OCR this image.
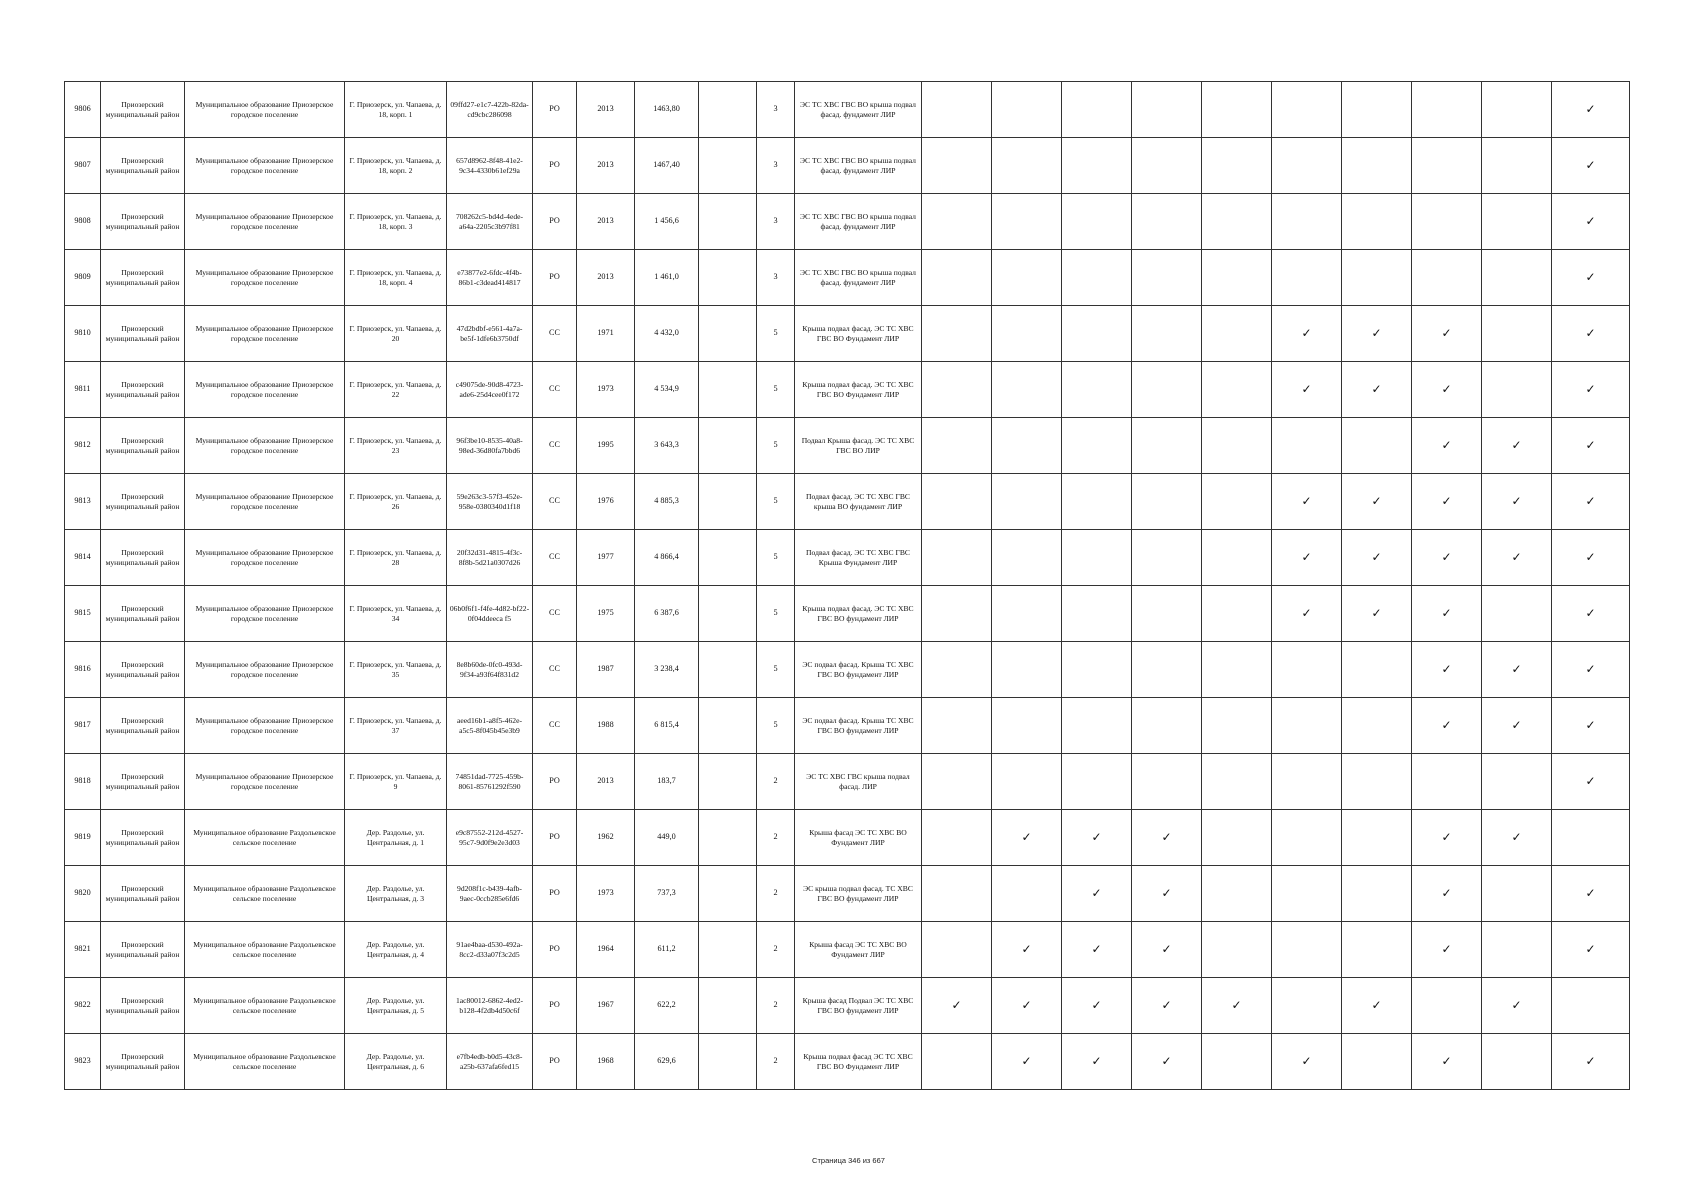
9806	Приозерский муниципальный район	Муниципальное образование Приозерское городское поселение	Г. Приозерск, ул. Чапаева, д. 18, корп. 1	09ffd27-e1c7-422b-82da-cd9cbc286098	РО	2013	1463,80		3	ЭС ТС ХВС ГВС ВО крыша подвал фасад. фундамент ЛИР										✓
9807	Приозерский муниципальный район	Муниципальное образование Приозерское городское поселение	Г. Приозерск, ул. Чапаева, д. 18, корп. 2	657d8962-8f48-41e2-9c34-4330b61ef29a	РО	2013	1467,40		3	ЭС ТС ХВС ГВС ВО крыша подвал фасад. фундамент ЛИР										✓
9808	Приозерский муниципальный район	Муниципальное образование Приозерское городское поселение	Г. Приозерск, ул. Чапаева, д. 18, корп. 3	708262c5-bd4d-4ede-a64a-2205c3b97f81	РО	2013	1 456,6		3	ЭС ТС ХВС ГВС ВО крыша подвал фасад. фундамент ЛИР										✓
9809	Приозерский муниципальный район	Муниципальное образование Приозерское городское поселение	Г. Приозерск, ул. Чапаева, д. 18, корп. 4	e73877e2-6fdc-4f4b-86b1-c3dead414817	РО	2013	1 461,0		3	ЭС ТС ХВС ГВС ВО крыша подвал фасад. фундамент ЛИР										✓
9810	Приозерский муниципальный район	Муниципальное образование Приозерское городское поселение	Г. Приозерск, ул. Чапаева, д. 20	47d2bdbf-e561-4a7a-be5f-1dfe6b3750df	СС	1971	4 432,0		5	Крыша подвал фасад. ЭС ТС ХВС ГВС ВО Фундамент ЛИР						✓	✓	✓		✓
9811	Приозерский муниципальный район	Муниципальное образование Приозерское городское поселение	Г. Приозерск, ул. Чапаева, д. 22	c49075de-90d8-4723-ade6-25d4cee0f172	СС	1973	4 534,9		5	Крыша подвал фасад. ЭС ТС ХВС ГВС ВО Фундамент ЛИР						✓	✓	✓		✓
9812	Приозерский муниципальный район	Муниципальное образование Приозерское городское поселение	Г. Приозерск, ул. Чапаева, д. 23	96f3be10-8535-40a8-98ed-36d80fa7bbd6	СС	1995	3 643,3		5	Подвал Крыша фасад. ЭС ТС ХВС ГВС ВО ЛИР								✓	✓	✓
9813	Приозерский муниципальный район	Муниципальное образование Приозерское городское поселение	Г. Приозерск, ул. Чапаева, д. 26	59e263c3-57f3-452e-958e-0380340d1f18	СС	1976	4 885,3		5	Подвал фасад. ЭС ТС ХВС ГВС крыша ВО фундамент ЛИР						✓	✓	✓	✓	✓
9814	Приозерский муниципальный район	Муниципальное образование Приозерское городское поселение	Г. Приозерск, ул. Чапаева, д. 28	20f32d31-4815-4f3c-8f8b-5d21a0307d26	СС	1977	4 866,4		5	Подвал фасад. ЭС ТС ХВС ГВС Крыша Фундамент ЛИР						✓	✓	✓	✓	✓
9815	Приозерский муниципальный район	Муниципальное образование Приозерское городское поселение	Г. Приозерск, ул. Чапаева, д. 34	06b0f6f1-f4fe-4d82-bf22-0f04ddeeca f5	СС	1975	6 387,6		5	Крыша подвал фасад. ЭС ТС ХВС ГВС ВО фундамент ЛИР						✓	✓	✓		✓
9816	Приозерский муниципальный район	Муниципальное образование Приозерское городское поселение	Г. Приозерск, ул. Чапаева, д. 35	8e8b60de-0fc0-493d-9f34-a93f64f831d2	СС	1987	3 238,4		5	ЭС подвал фасад. Крыша ТС ХВС ГВС ВО фундамент ЛИР								✓	✓	✓
9817	Приозерский муниципальный район	Муниципальное образование Приозерское городское поселение	Г. Приозерск, ул. Чапаева, д. 37	aeed16b1-a8f5-462e-a5c5-8f045b45e3b9	СС	1988	6 815,4		5	ЭС подвал фасад. Крыша ТС ХВС ГВС ВО фундамент ЛИР								✓	✓	✓
9818	Приозерский муниципальный район	Муниципальное образование Приозерское городское поселение	Г. Приозерск, ул. Чапаева, д. 9	74851dad-7725-459b-8061-85761292f590	РО	2013	183,7		2	ЭС ТС ХВС ГВС крыша подвал фасад. ЛИР										✓
9819	Приозерский муниципальный район	Муниципальное образование Раздольевское сельское поселение	Дер. Раздолье, ул. Центральная, д. 1	e9c87552-212d-4527-95c7-9d0f9e2e3d03	РО	1962	449,0		2	Крыша фасад ЭС ТС ХВС ВО Фундамент ЛИР		✓	✓	✓				✓	✓	
9820	Приозерский муниципальный район	Муниципальное образование Раздольевское сельское поселение	Дер. Раздолье, ул. Центральная, д. 3	9d208f1c-b439-4afb-9aec-0ccb285e6fd6	РО	1973	737,3		2	ЭС крыша подвал фасад. ТС ХВС ГВС ВО фундамент ЛИР			✓	✓				✓		✓
9821	Приозерский муниципальный район	Муниципальное образование Раздольевское сельское поселение	Дер. Раздолье, ул. Центральная, д. 4	91ae4baa-d530-492a-8cc2-d33a07f3c2d5	РО	1964	611,2		2	Крыша фасад ЭС ТС ХВС ВО Фундамент ЛИР		✓	✓	✓				✓		✓
9822	Приозерский муниципальный район	Муниципальное образование Раздольевское сельское поселение	Дер. Раздолье, ул. Центральная, д. 5	1ac80012-6862-4ed2-b128-4f2db4d50c6f	РО	1967	622,2		2	Крыша фасад Подвал ЭС ТС ХВС ГВС ВО фундамент ЛИР	✓	✓	✓	✓	✓		✓		✓	
9823	Приозерский муниципальный район	Муниципальное образование Раздольевское сельское поселение	Дер. Раздолье, ул. Центральная, д. 6	e7fb4edb-b0d5-43c8-a25b-637afa6fed15	РО	1968	629,6		2	Крыша подвал фасад ЭС ТС ХВС ГВС ВО Фундамент ЛИР		✓	✓	✓		✓		✓		✓
Страница 346 из 667
